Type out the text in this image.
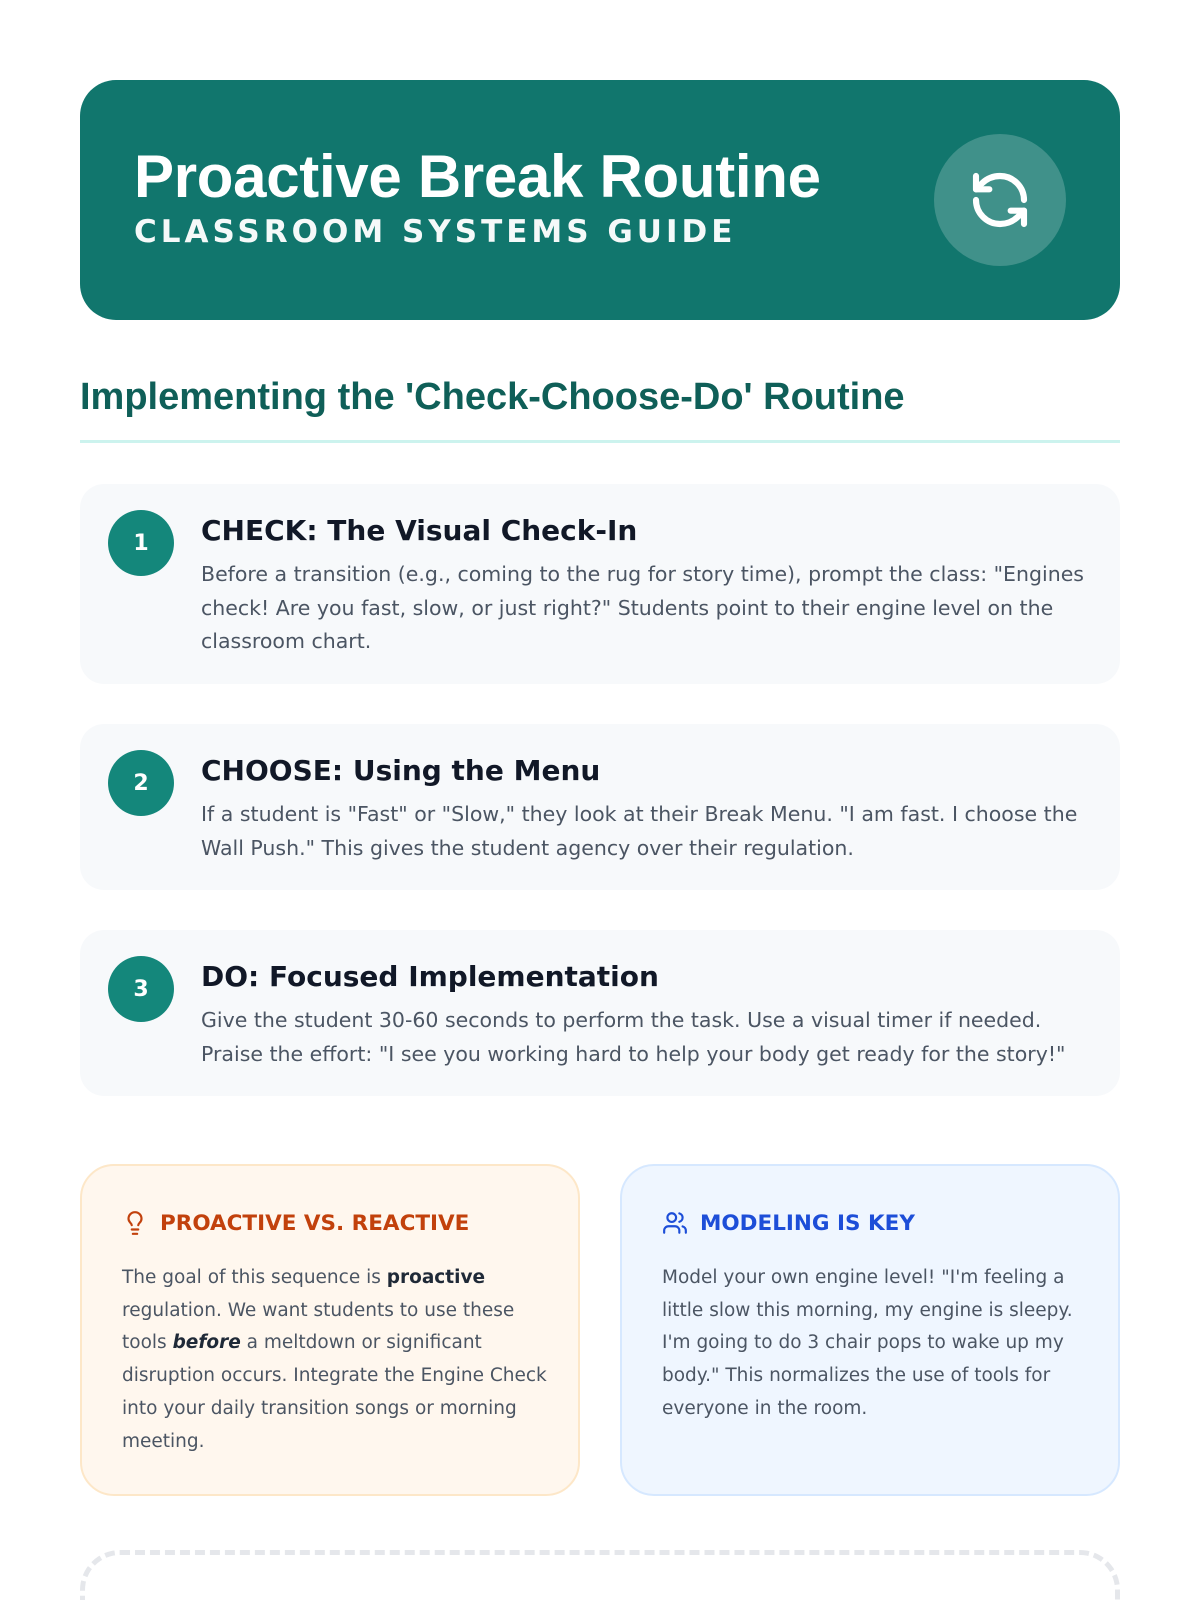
Proactive Break Routine
CLASSROOM SYSTEMS GUIDE
Implementing the 'Check-Choose-Do' Routine
1	CHECK: The Visual Check-In
Before a transition (e.g., coming to the rug for story time), prompt the class: "Engines check! Are you fast, slow, or just right?" Students point to their engine level on the classroom chart.
2	CHOOSE: Using the Menu
If a student is "Fast" or "Slow," they look at their Break Menu. "I am fast. I choose the Wall Push." This gives the student agency over their regulation.
3	DO: Focused Implementation
Give the student 30-60 seconds to perform the task. Use a visual timer if needed. Praise the effort: "I see you working hard to help your body get ready for the story!"
PROACTIVE VS. REACTIVE
The goal of this sequence is proactive regulation. We want students to use these tools before a meltdown or significant disruption occurs. Integrate the Engine Check into your daily transition songs or morning meeting.
MODELING IS KEY
Model your own engine level! "I'm feeling a little slow this morning, my engine is sleepy. I'm going to do 3 chair pops to wake up my body." This normalizes the use of tools for everyone in the room.
